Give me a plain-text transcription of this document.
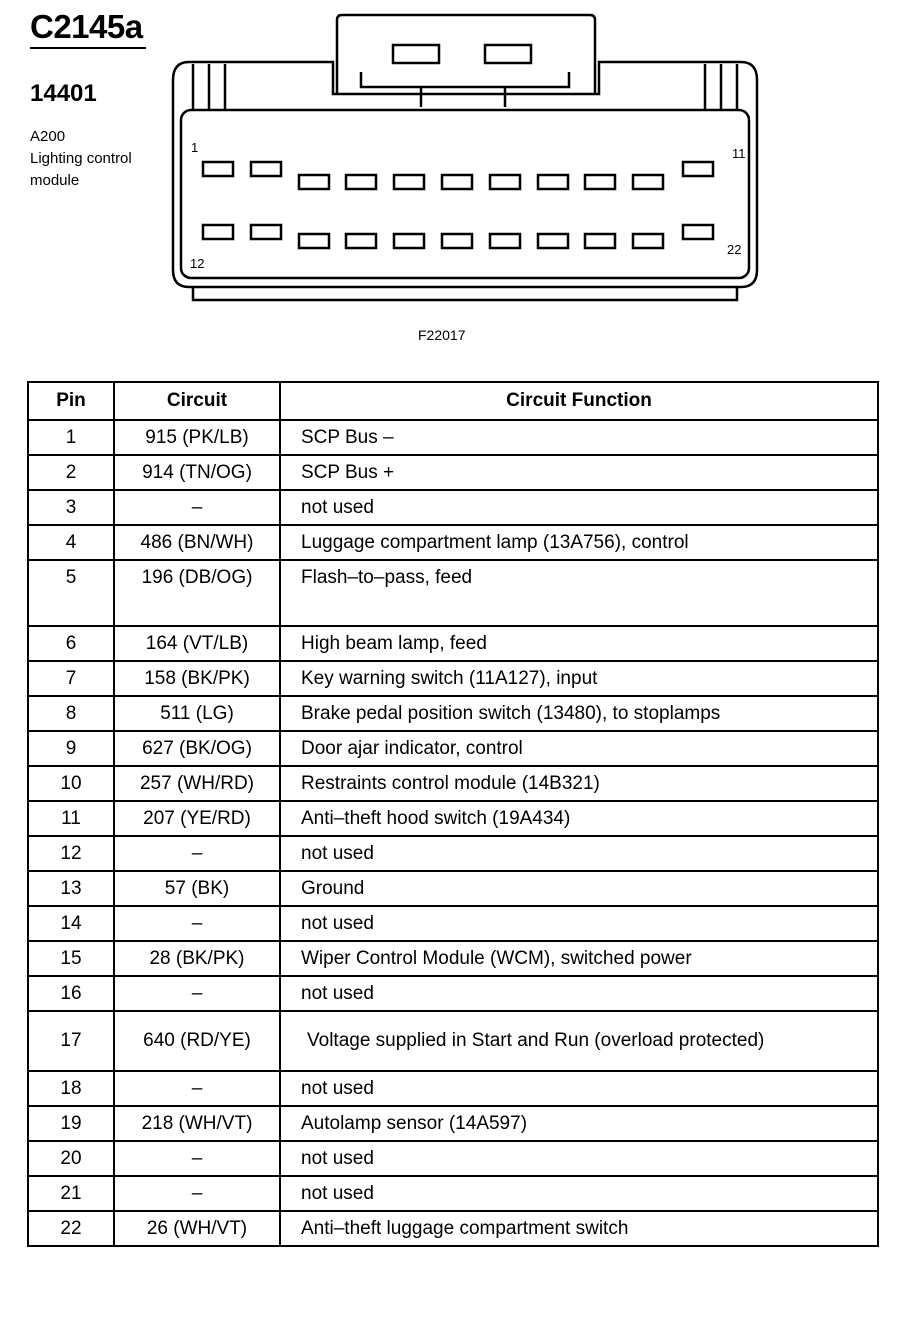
C2145a
14401
A200
Lighting control
module
1	11
12
22
F22017
Pin	Circuit	Circuit Function
1	915 (PK/LB)	SCP Bus –
2	914 (TN/OG)	SCP Bus +
3	–	not used
4	486 (BN/WH)	Luggage compartment lamp (13A756), control
5	196 (DB/OG)	Flash–to–pass, feed
6	164 (VT/LB)	High beam lamp, feed
7	158 (BK/PK)	Key warning switch (11A127), input
8	511 (LG)	Brake pedal position switch (13480), to stoplamps
9	627 (BK/OG)	Door ajar indicator, control
10	257 (WH/RD)	Restraints control module (14B321)
11	207 (YE/RD)	Anti–theft hood switch (19A434)
12	–	not used
13	57 (BK)	Ground
14	–	not used
15	28 (BK/PK)	Wiper Control Module (WCM), switched power
16	–	not used
17	640 (RD/YE)	Voltage supplied in Start and Run (overload protected)
18	–	not used
19	218 (WH/VT)	Autolamp sensor (14A597)
20	–	not used
21	–	not used
22	26 (WH/VT)	Anti–theft luggage compartment switch
